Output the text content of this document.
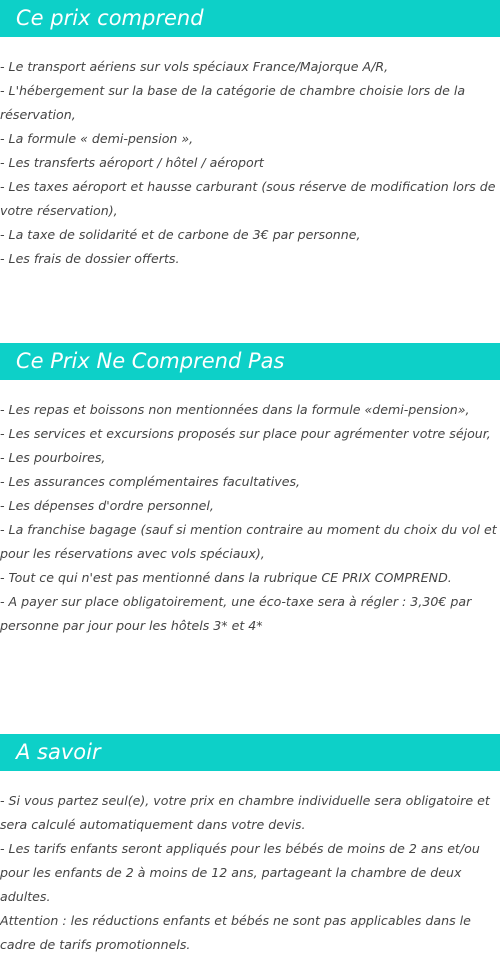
Ce prix comprend
- Le transport aériens sur vols spéciaux France/Majorque A/R,
- L'hébergement sur la base de la catégorie de chambre choisie lors de la réservation,
- La formule « demi-pension »,
- Les transferts aéroport / hôtel / aéroport
- Les taxes aéroport et hausse carburant (sous réserve de modification lors de votre réservation),
- La taxe de solidarité et de carbone de 3€ par personne,
- Les frais de dossier offerts.
Ce Prix Ne Comprend Pas
- Les repas et boissons non mentionnées dans la formule «demi-pension»,
- Les services et excursions proposés sur place pour agrémenter votre séjour,
- Les pourboires,
- Les assurances complémentaires facultatives,
- Les dépenses d'ordre personnel,
- La franchise bagage (sauf si mention contraire au moment du choix du vol et pour les réservations avec vols spéciaux),
- Tout ce qui n'est pas mentionné dans la rubrique CE PRIX COMPREND.
- A payer sur place obligatoirement, une éco-taxe sera à régler : 3,30€ par personne par jour pour les hôtels 3* et 4*
A savoir
- Si vous partez seul(e), votre prix en chambre individuelle sera obligatoire et sera calculé automatiquement dans votre devis.
- Les tarifs enfants seront appliqués pour les bébés de moins de 2 ans et/ou pour les enfants de 2 à moins de 12 ans, partageant la chambre de deux adultes.
Attention : les réductions enfants et bébés ne sont pas applicables dans le cadre de tarifs promotionnels.
